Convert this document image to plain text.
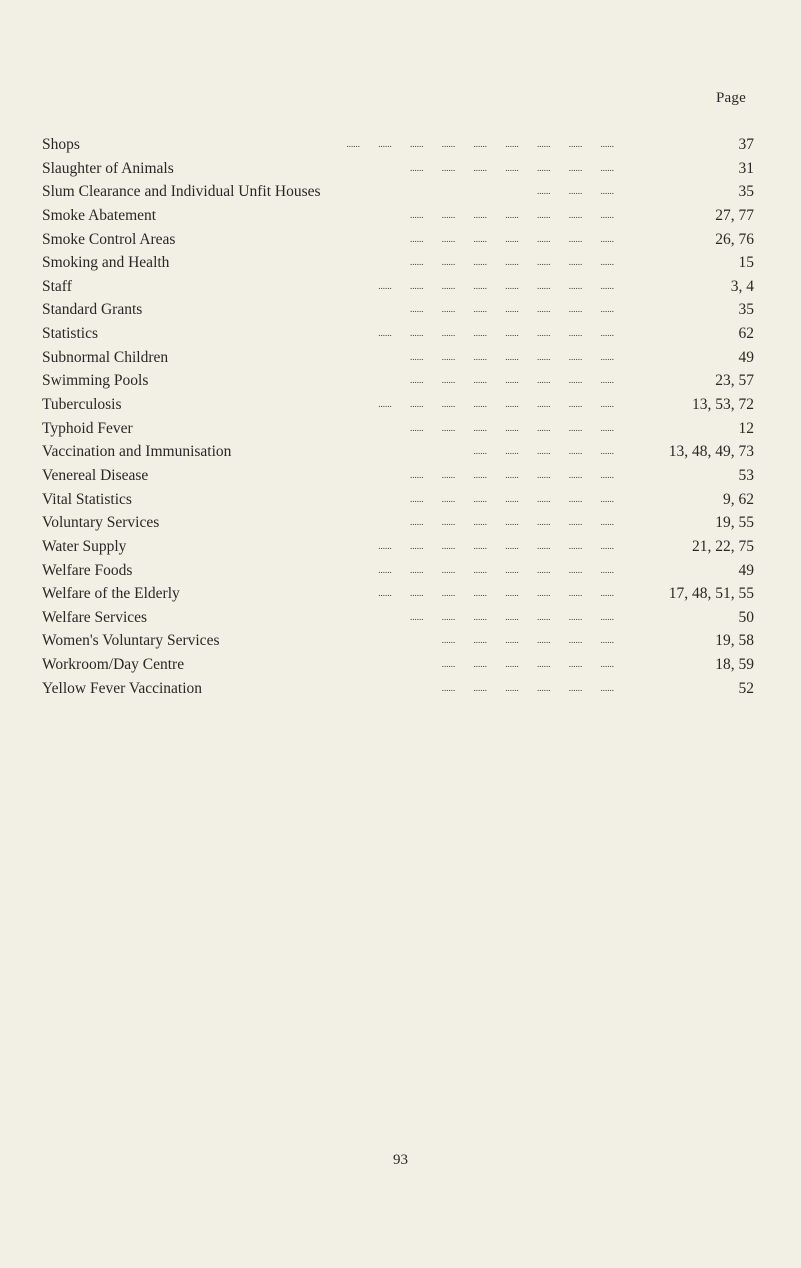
Page
Shops	...... ...... ...... ...... ...... ...... ...... ...... ......	37
Slaughter of Animals	...... ...... ...... ...... ...... ...... ......	31
Slum Clearance and Individual Unfit Houses	...... ...... ......	35
Smoke Abatement	...... ...... ...... ...... ...... ...... ......	27, 77
Smoke Control Areas	...... ...... ...... ...... ...... ...... ......	26, 76
Smoking and Health	...... ...... ...... ...... ...... ...... ......	15
Staff	...... ...... ...... ...... ...... ...... ...... ......	3, 4
Standard Grants	...... ...... ...... ...... ...... ...... ......	35
Statistics	...... ...... ...... ...... ...... ...... ...... ......	62
Subnormal Children	...... ...... ...... ...... ...... ...... ......	49
Swimming Pools	...... ...... ...... ...... ...... ...... ......	23, 57
Tuberculosis	...... ...... ...... ...... ...... ...... ...... ......	13, 53, 72
Typhoid Fever	...... ...... ...... ...... ...... ...... ......	12
Vaccination and Immunisation	...... ...... ...... ...... ......	13, 48, 49, 73
Venereal Disease	...... ...... ...... ...... ...... ...... ......	53
Vital Statistics	...... ...... ...... ...... ...... ...... ......	9, 62
Voluntary Services	...... ...... ...... ...... ...... ...... ......	19, 55
Water Supply	...... ...... ...... ...... ...... ...... ...... ......	21, 22, 75
Welfare Foods	...... ...... ...... ...... ...... ...... ...... ......	49
Welfare of the Elderly	...... ...... ...... ...... ...... ...... ...... ......	17, 48, 51, 55
Welfare Services	...... ...... ...... ...... ...... ...... ......	50
Women's Voluntary Services	...... ...... ...... ...... ...... ......	19, 58
Workroom/Day Centre	...... ...... ...... ...... ...... ......	18, 59
Yellow Fever Vaccination	...... ...... ...... ...... ...... ......	52
93
